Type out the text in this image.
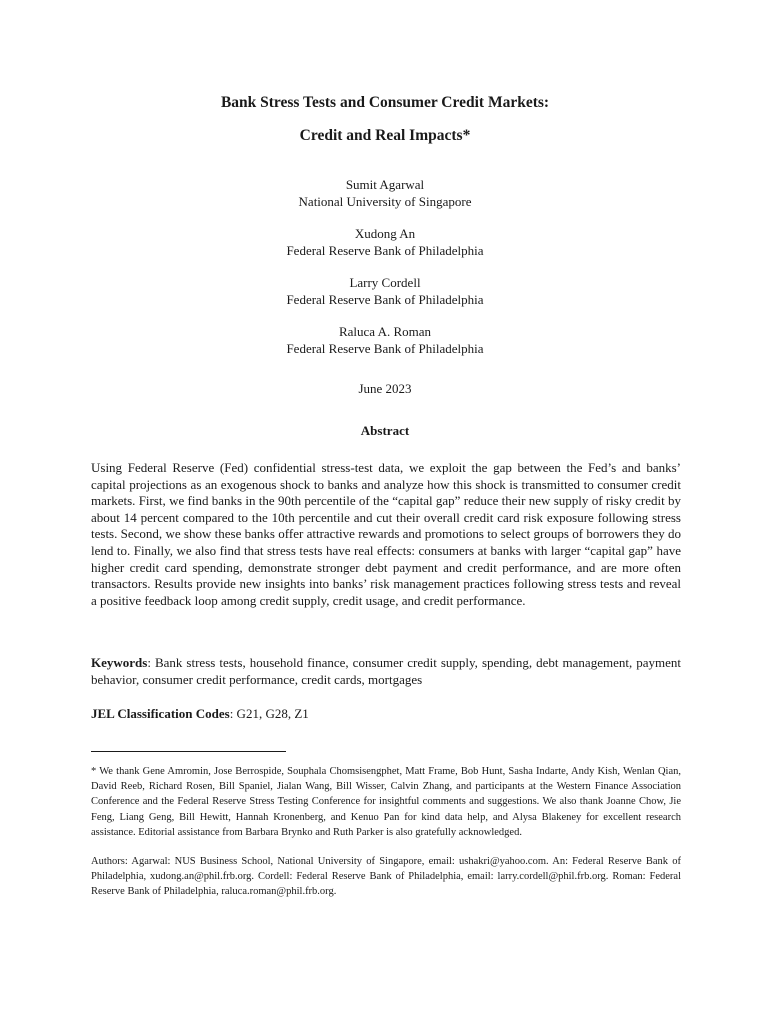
Bank Stress Tests and Consumer Credit Markets:
Credit and Real Impacts*
Sumit Agarwal
National University of Singapore
Xudong An
Federal Reserve Bank of Philadelphia
Larry Cordell
Federal Reserve Bank of Philadelphia
Raluca A. Roman
Federal Reserve Bank of Philadelphia
June 2023
Abstract
Using Federal Reserve (Fed) confidential stress-test data, we exploit the gap between the Fed’s and banks’ capital projections as an exogenous shock to banks and analyze how this shock is transmitted to consumer credit markets. First, we find banks in the 90th percentile of the “capital gap” reduce their new supply of risky credit by about 14 percent compared to the 10th percentile and cut their overall credit card risk exposure following stress tests. Second, we show these banks offer attractive rewards and promotions to select groups of borrowers they do lend to. Finally, we also find that stress tests have real effects: consumers at banks with larger “capital gap” have higher credit card spending, demonstrate stronger debt payment and credit performance, and are more often transactors. Results provide new insights into banks’ risk management practices following stress tests and reveal a positive feedback loop among credit supply, credit usage, and credit performance.
Keywords: Bank stress tests, household finance, consumer credit supply, spending, debt management, payment behavior, consumer credit performance, credit cards, mortgages
JEL Classification Codes: G21, G28, Z1
* We thank Gene Amromin, Jose Berrospide, Souphala Chomsisengphet, Matt Frame, Bob Hunt, Sasha Indarte, Andy Kish, Wenlan Qian, David Reeb, Richard Rosen, Bill Spaniel, Jialan Wang, Bill Wisser, Calvin Zhang, and participants at the Western Finance Association Conference and the Federal Reserve Stress Testing Conference for insightful comments and suggestions. We also thank Joanne Chow, Jie Feng, Liang Geng, Bill Hewitt, Hannah Kronenberg, and Kenuo Pan for kind data help, and Alysa Blakeney for excellent research assistance. Editorial assistance from Barbara Brynko and Ruth Parker is also gratefully acknowledged.
Authors: Agarwal: NUS Business School, National University of Singapore, email: ushakri@yahoo.com. An: Federal Reserve Bank of Philadelphia, xudong.an@phil.frb.org. Cordell: Federal Reserve Bank of Philadelphia, email: larry.cordell@phil.frb.org. Roman: Federal Reserve Bank of Philadelphia, raluca.roman@phil.frb.org.
